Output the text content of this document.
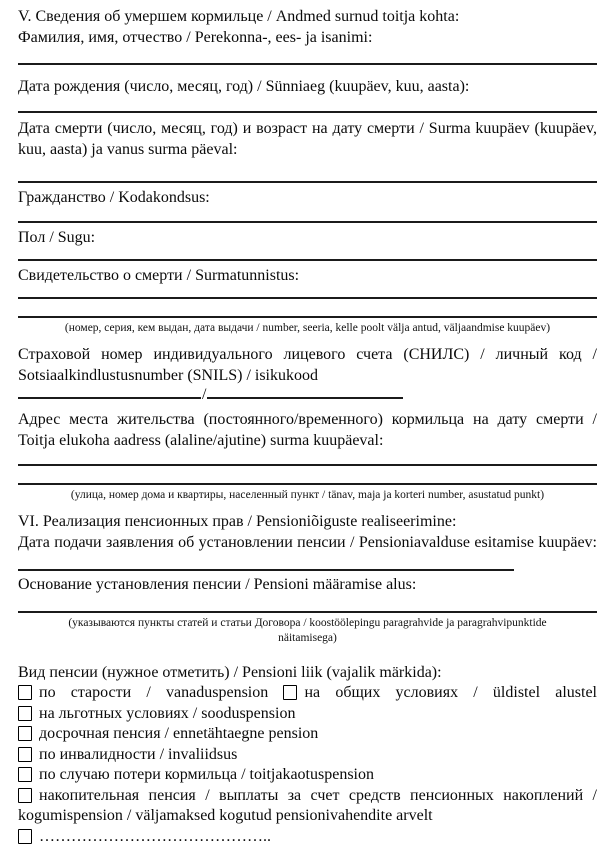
V. Сведения об умершем кормильце / Andmed surnud toitja kohta:

Фамилия, имя, отчество / Perekonna-, ees- ja isanimi:

Дата рождения (число, месяц, год) / Sünniaeg (kuupäev, kuu, aasta):

Дата смерти (число, месяц, год) и возраст на дату смерти / Surma kuupäev (kuupäev, kuu, aasta) ja vanus surma päeval:

Гражданство / Kodakondsus:

Пол / Sugu:

Свидетельство о смерти / Surmatunnistus:

(номер, серия, кем выдан, дата выдачи / number, seeria, kelle poolt välja antud, väljaandmise kuupäev)

Страховой номер индивидуального лицевого счета (СНИЛС) / личный код / Sotsiaalkindlustusnumber (SNILS) / isikukood

/

Адрес места жительства (постоянного/временного) кормильца на дату смерти / Toitja elukoha aadress (alaline/ajutine) surma kuupäeval:

(улица, номер дома и квартиры, населенный пункт / tänav, maja ja korteri number, asustatud punkt)

VI. Реализация пенсионных прав / Pensioniõiguste realiseerimine:

Дата подачи заявления об установлении пенсии / Pensioniavalduse esitamise kuupäev:

Основание установления пенсии / Pensioni määramise alus:

(указываются пункты статей и статьи Договора / koostöölepingu paragrahvide ja paragrahvipunktide näitamisega)

Вид пенсии (нужное отметить) / Pensioni liik (vajalik märkida):

по старости / vanaduspension на общих условиях / üldistel alustel
на льготных условиях / sooduspension
досрочная пенсия / ennetähtaegne pension
по инвалидности / invaliidsus
по случаю потери кормильца / toitjakaotuspension
накопительная пенсия / выплаты за счет средств пенсионных накоплений / kogumispension / väljamaksed kogutud pensionivahendite arvelt
……………………………………..
